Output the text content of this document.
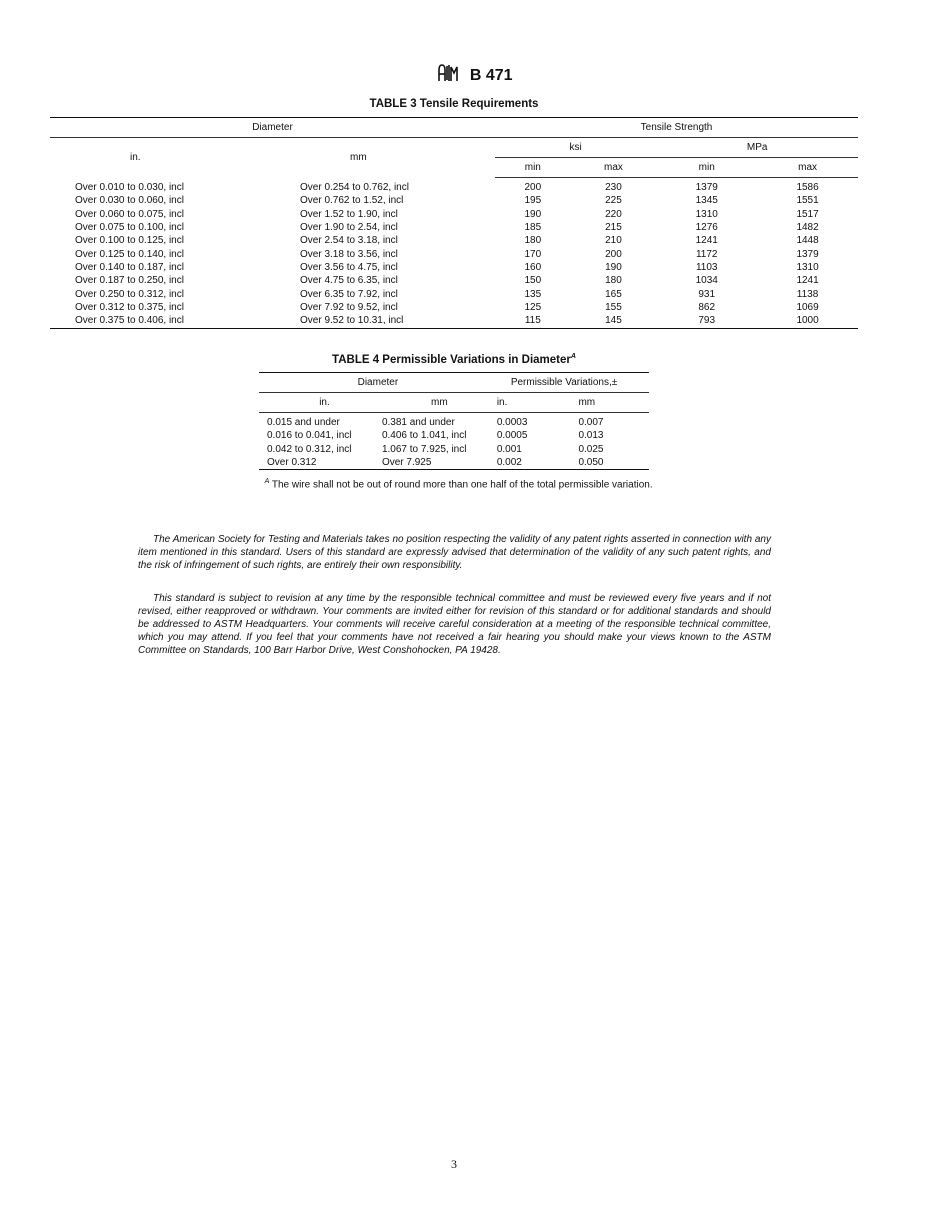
B 471
TABLE 3 Tensile Requirements
Diameter		Tensile Strength			
in.	mm	ksi		MPa	
		min	max	min	max
Over 0.010 to 0.030, incl	Over 0.254 to 0.762, incl	200	230	1379	1586
Over 0.030 to 0.060, incl	Over 0.762 to 1.52, incl	195	225	1345	1551
Over 0.060 to 0.075, incl	Over 1.52 to 1.90, incl	190	220	1310	1517
Over 0.075 to 0.100, incl	Over 1.90 to 2.54, incl	185	215	1276	1482
Over 0.100 to 0.125, incl	Over 2.54 to 3.18, incl	180	210	1241	1448
Over 0.125 to 0.140, incl	Over 3.18 to 3.56, incl	170	200	1172	1379
Over 0.140 to 0.187, incl	Over 3.56 to 4.75, incl	160	190	1103	1310
Over 0.187 to 0.250, incl	Over 4.75 to 6.35, incl	150	180	1034	1241
Over 0.250 to 0.312, incl	Over 6.35 to 7.92, incl	135	165	931	1138
Over 0.312 to 0.375, incl	Over 7.92 to 9.52, incl	125	155	862	1069
Over 0.375 to 0.406, incl	Over 9.52 to 10.31, incl	115	145	793	1000
TABLE 4 Permissible Variations in Diameter$^A$
Diameter		Permissible Variations,±	
in.	mm	in.	mm
0.015 and under	0.381 and under	0.0003	0.007
0.016 to 0.041, incl	0.406 to 1.041, incl	0.0005	0.013
0.042 to 0.312, incl	1.067 to 7.925, incl	0.001	0.025
Over 0.312	Over 7.925	0.002	0.050
$^A$ The wire shall not be out of round more than one half of the total permissible variation.

The American Society for Testing and Materials takes no position respecting the validity of any patent rights asserted in connection with any item mentioned in this standard. Users of this standard are expressly advised that determination of the validity of any such patent rights, and the risk of infringement of such rights, are entirely their own responsibility.

This standard is subject to revision at any time by the responsible technical committee and must be reviewed every five years and if not revised, either reapproved or withdrawn. Your comments are invited either for revision of this standard or for additional standards and should be addressed to ASTM Headquarters. Your comments will receive careful consideration at a meeting of the responsible technical committee, which you may attend. If you feel that your comments have not received a fair hearing you should make your views known to the ASTM Committee on Standards, 100 Barr Harbor Drive, West Conshohocken, PA 19428.

3
